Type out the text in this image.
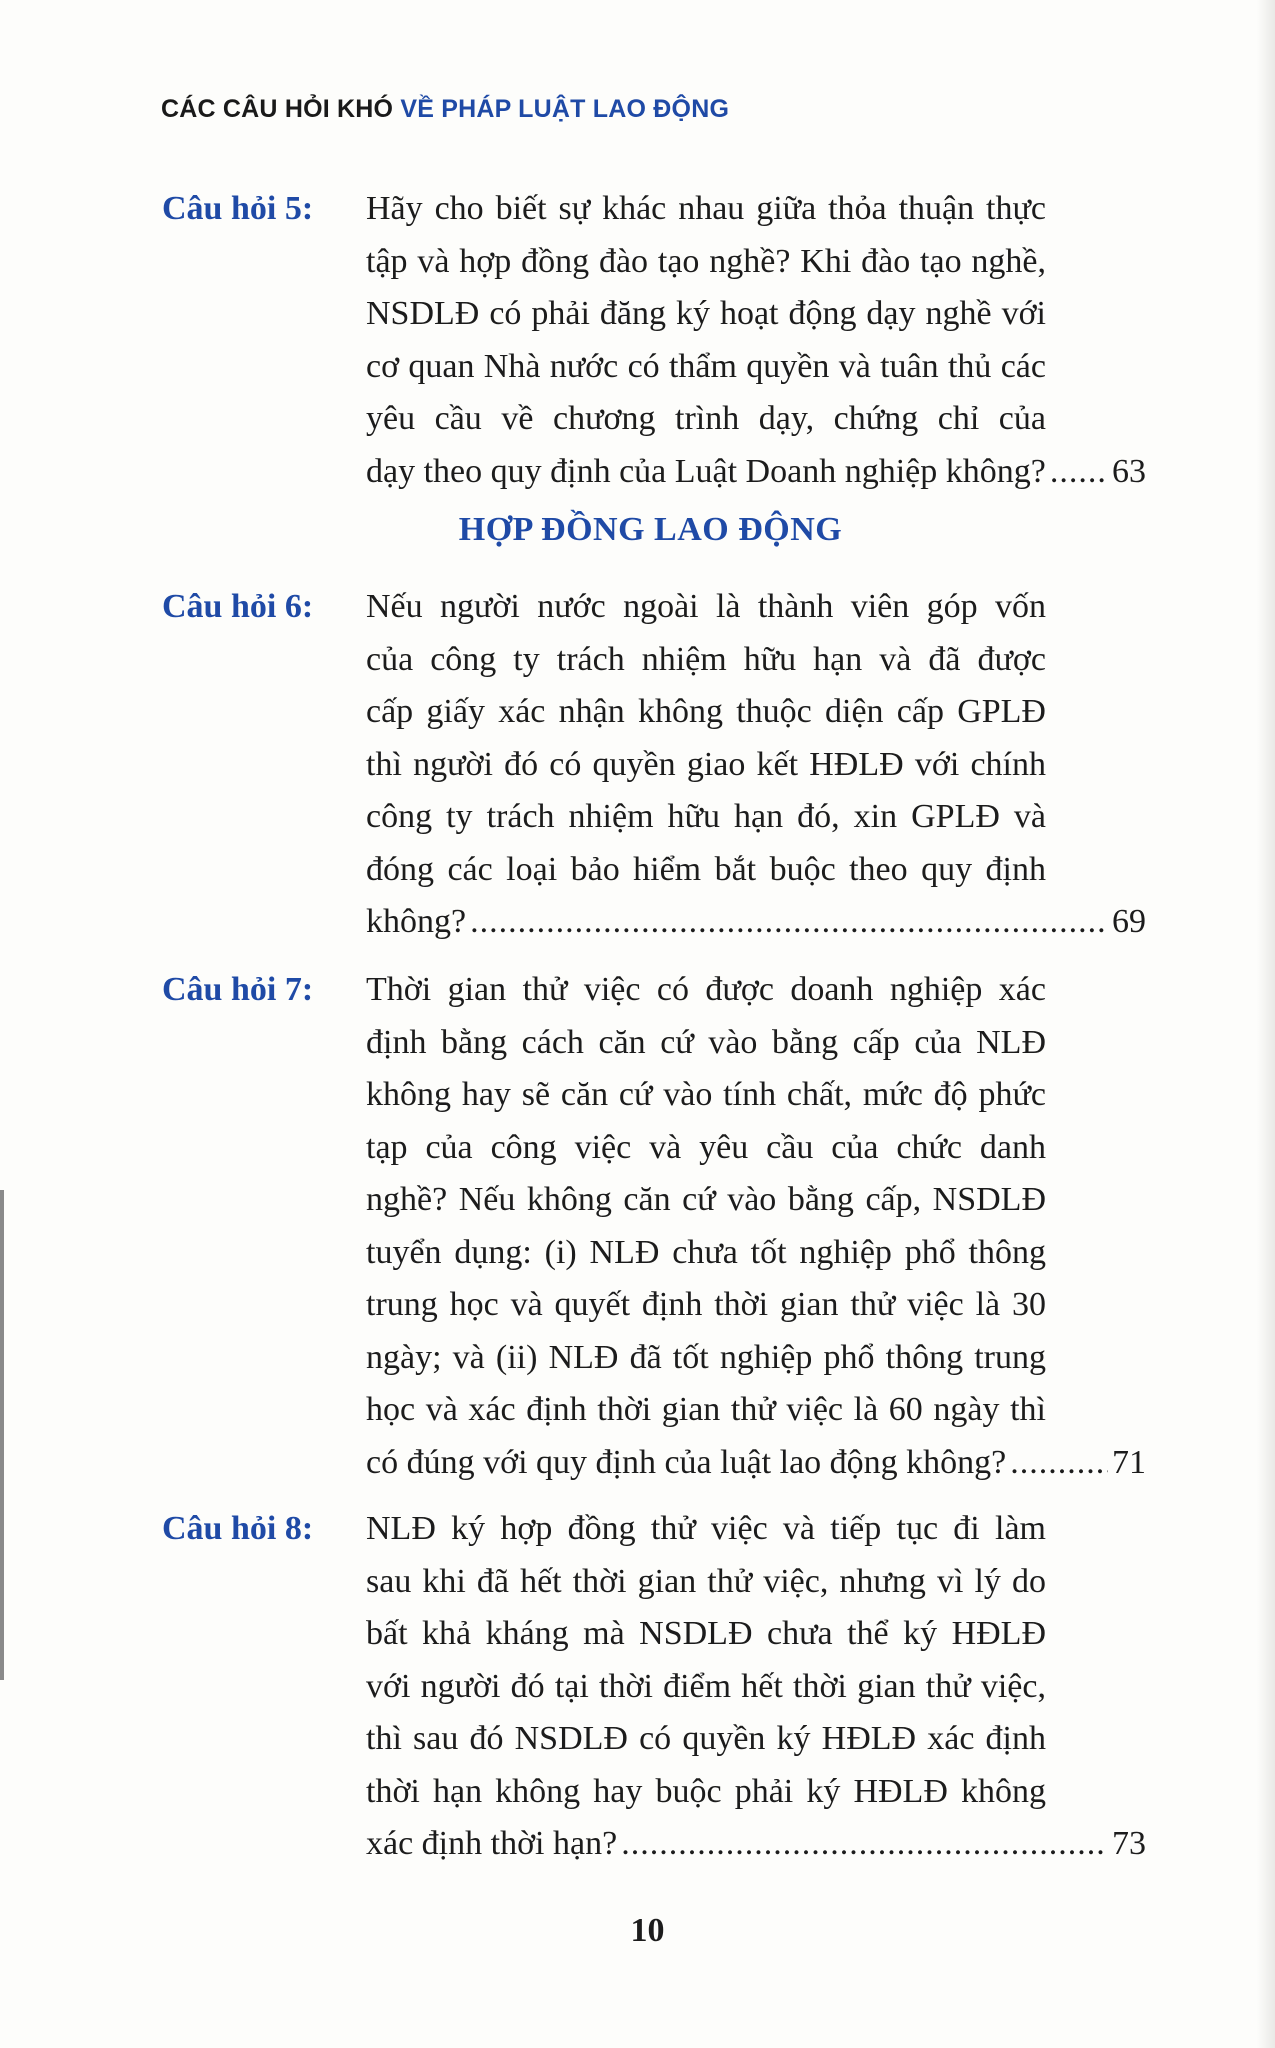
CÁC CÂU HỎI KHÓ VỀ PHÁP LUẬT LAO ĐỘNG
Câu hỏi 5: Hãy cho biết sự khác nhau giữa thỏa thuận thực
tập và hợp đồng đào tạo nghề? Khi đào tạo nghề,
NSDLĐ có phải đăng ký hoạt động dạy nghề với
cơ quan Nhà nước có thẩm quyền và tuân thủ các
yêu cầu về chương trình dạy, chứng chỉ của
dạy theo quy định của Luật Doanh nghiệp không? ..... 63
HỢP ĐỒNG LAO ĐỘNG
Câu hỏi 6: Nếu người nước ngoài là thành viên góp vốn
của công ty trách nhiệm hữu hạn và đã được
cấp giấy xác nhận không thuộc diện cấp GPLĐ
thì người đó có quyền giao kết HĐLĐ với chính
công ty trách nhiệm hữu hạn đó, xin GPLĐ và
đóng các loại bảo hiểm bắt buộc theo quy định
không? .....	69
Câu hỏi 7: Thời gian thử việc có được doanh nghiệp xác
định bằng cách căn cứ vào bằng cấp của NLĐ
không hay sẽ căn cứ vào tính chất, mức độ phức
tạp của công việc và yêu cầu của chức danh
nghề? Nếu không căn cứ vào bằng cấp, NSDLĐ
tuyển dụng: (i) NLĐ chưa tốt nghiệp phổ thông
trung học và quyết định thời gian thử việc là 30
ngày; và (ii) NLĐ đã tốt nghiệp phổ thông trung
học và xác định thời gian thử việc là 60 ngày thì
có đúng với quy định của luật lao động không? .....	71
Câu hỏi 8: NLĐ ký hợp đồng thử việc và tiếp tục đi làm
sau khi đã hết thời gian thử việc, nhưng vì lý do
bất khả kháng mà NSDLĐ chưa thể ký HĐLĐ
với người đó tại thời điểm hết thời gian thử việc,
thì sau đó NSDLĐ có quyền ký HĐLĐ xác định
thời hạn không hay buộc phải ký HĐLĐ không
xác định thời hạn? .....	73
10
